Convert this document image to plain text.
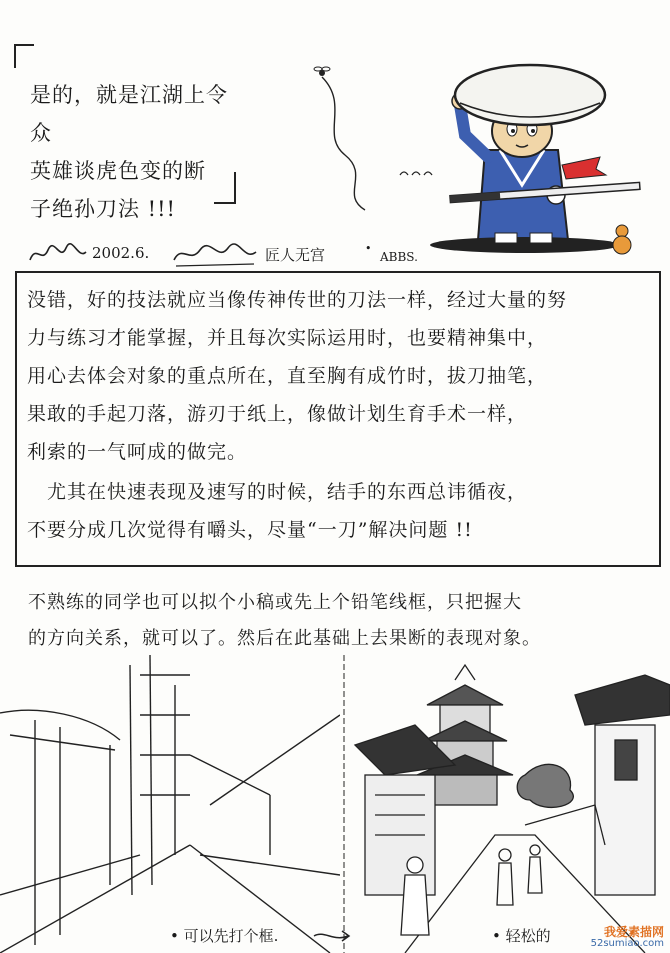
是的，就是江湖上令众
英雄谈虎色变的断
子绝孙刀法 !!!
2002.6.	匠人无宫	•
ABBS.
没错，好的技法就应当像传神传世的刀法一样，经过大量的努
力与练习才能掌握，并且每次实际运用时，也要精神集中，
用心去体会对象的重点所在，直至胸有成竹时，拔刀抽笔，
果敢的手起刀落，游刃于纸上，像做计划生育手术一样，
利索的一气呵成的做完。
　尤其在快速表现及速写的时候，结手的东西总讳循夜，
不要分成几次觉得有嚼头，尽量“一刀”解决问题 !!
不熟练的同学也可以拟个小稿或先上个铅笔线框，只把握大
的方向关系，就可以了。然后在此基础上去果断的表现对象。
• 可以先打个框.	• 轻松的	我爱素描网
52sumiao.com
